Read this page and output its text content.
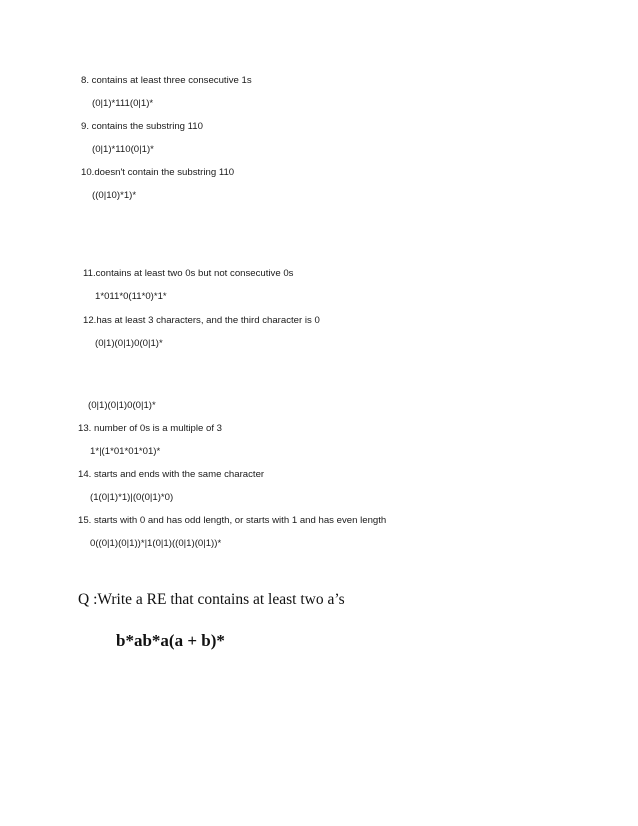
8. contains at least three consecutive 1s
(0|1)*111(0|1)*
9. contains the substring 110
(0|1)*110(0|1)*
10.doesn't contain the substring 110
((0|10)*1)*
11.contains at least two 0s but not consecutive 0s
1*011*0(11*0)*1*
12.has at least 3 characters, and the third character is 0
(0|1)(0|1)0(0|1)*
(0|1)(0|1)0(0|1)*
13. number of 0s is a multiple of 3
1*|(1*01*01*01)*
14. starts and ends with the same character
(1(0|1)*1)|(0(0|1)*0)
15. starts with 0 and has odd length, or starts with 1 and has even length
0((0|1)(0|1))*|1(0|1)((0|1)(0|1))*
Q :Write a RE that contains at least two a’s
b*ab*a(a + b)*
